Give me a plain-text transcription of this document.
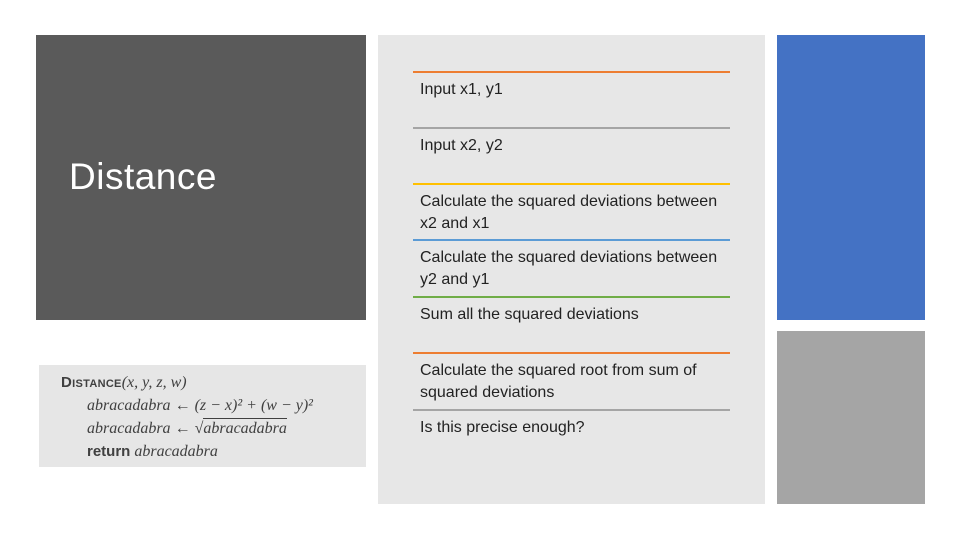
Distance
Distance(x, y, z, w)
abracadabra ← (z − x)² + (w − y)²
abracadabra ← √abracadabra
return abracadabra
Input x1, y1
Input x2, y2
Calculate the squared deviations between x2 and x1
Calculate the squared deviations between y2 and y1
Sum all the squared deviations
Calculate the squared root from sum of squared deviations
Is this precise enough?
